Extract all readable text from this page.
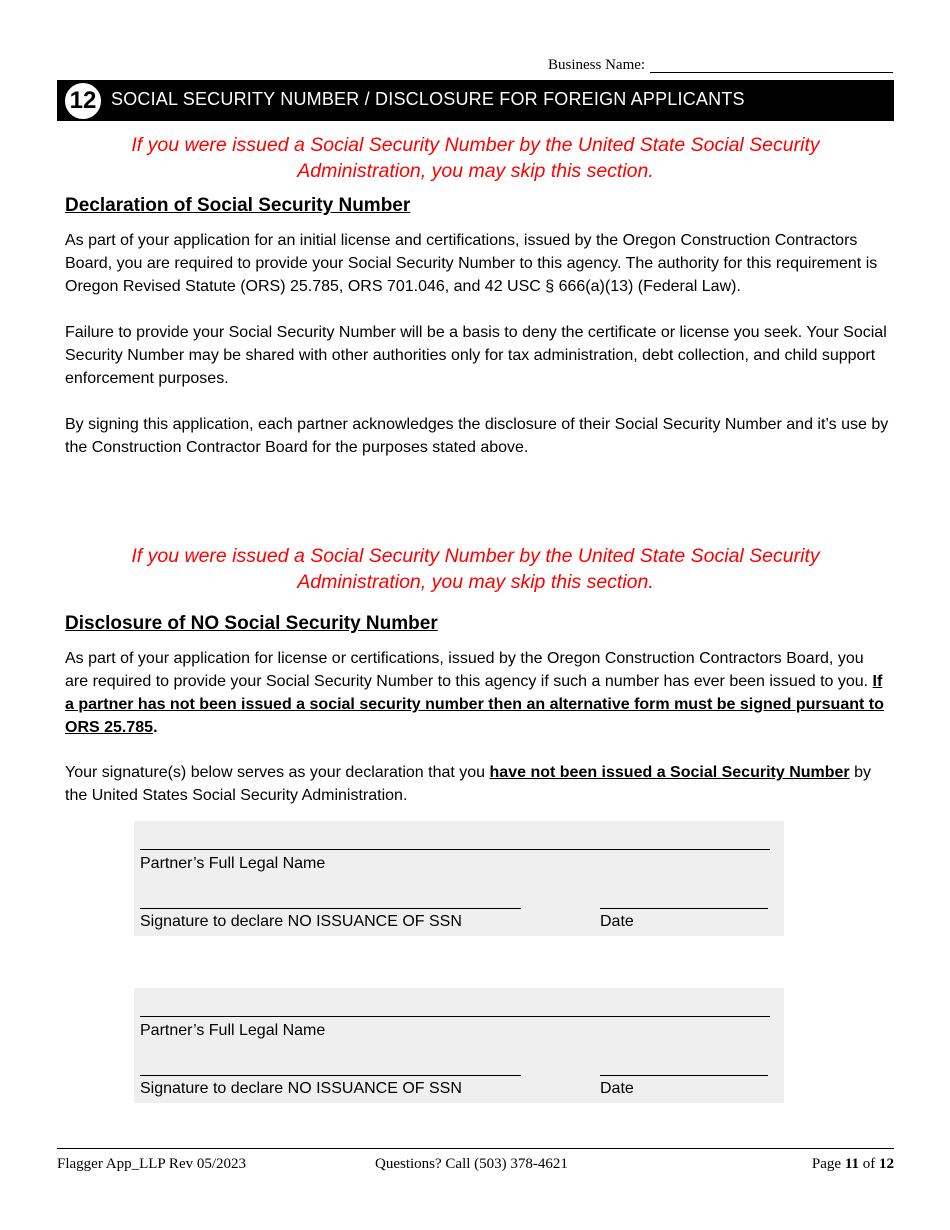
Business Name:
12 SOCIAL SECURITY NUMBER / DISCLOSURE FOR FOREIGN APPLICANTS
If you were issued a Social Security Number by the United State Social Security
Administration, you may skip this section.
Declaration of Social Security Number

As part of your application for an initial license and certifications, issued by the Oregon Construction Contractors Board, you are required to provide your Social Security Number to this agency. The authority for this requirement is Oregon Revised Statute (ORS) 25.785, ORS 701.046, and 42 USC § 666(a)(13) (Federal Law).

Failure to provide your Social Security Number will be a basis to deny the certificate or license you seek. Your Social Security Number may be shared with other authorities only for tax administration, debt collection, and child support enforcement purposes.

By signing this application, each partner acknowledges the disclosure of their Social Security Number and it’s use by the Construction Contractor Board for the purposes stated above.

If you were issued a Social Security Number by the United State Social Security
Administration, you may skip this section.
Disclosure of NO Social Security Number

As part of your application for license or certifications, issued by the Oregon Construction Contractors Board, you are required to provide your Social Security Number to this agency if such a number has ever been issued to you. If a partner has not been issued a social security number then an alternative form must be signed pursuant to ORS 25.785.

Your signature(s) below serves as your declaration that you have not been issued a Social Security Number by the United States Social Security Administration.

Partner’s Full Legal Name
Signature to declare NO ISSUANCE OF SSN	Date
Partner’s Full Legal Name
Signature to declare NO ISSUANCE OF SSN	Date
Flagger App_LLP Rev 05/2023	Questions? Call (503) 378-4621	Page 11 of 12
